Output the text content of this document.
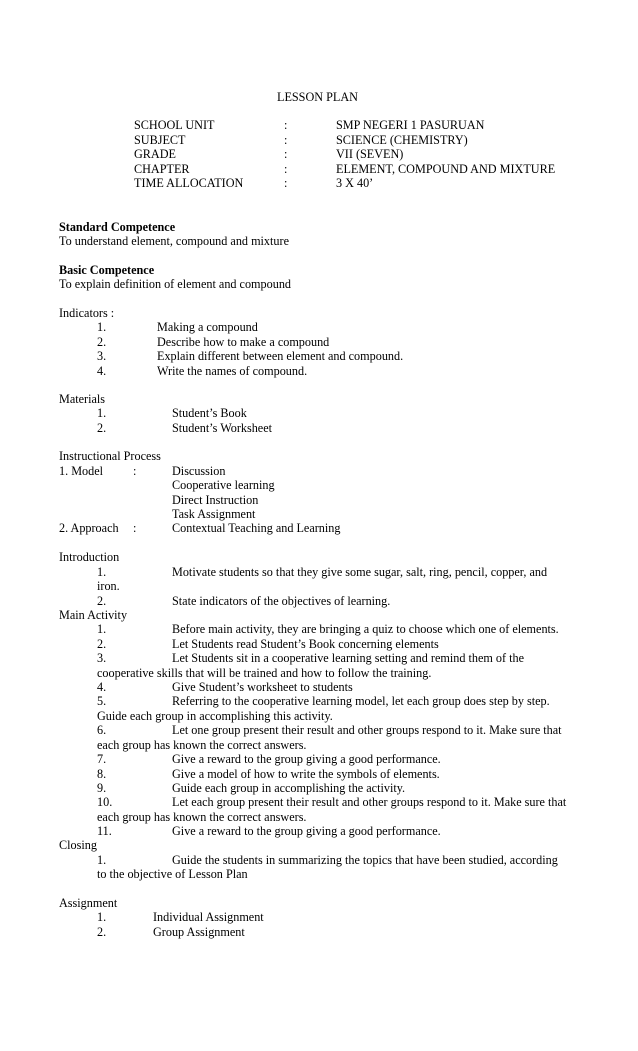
LESSON PLAN
SCHOOL UNIT	:	SMP NEGERI 1 PASURUAN
SUBJECT	:	SCIENCE (CHEMISTRY)
GRADE	:	VII (SEVEN)
CHAPTER	:	ELEMENT, COMPOUND AND MIXTURE
TIME ALLOCATION	:	3 X 40’
Standard Competence
To understand element, compound and mixture
Basic Competence
To explain definition of element and compound
Indicators :
1.	Making a compound
2.	Describe how to make a compound
3.	Explain different between element and compound.
4.	Write the names of compound.
Materials
1.	Student’s Book
2.	Student’s Worksheet
Instructional Process
1. Model :	Discussion
Cooperative learning
Direct Instruction
Task Assignment
2. Approach :	Contextual Teaching and Learning
Introduction
1.	Motivate students so that they give some sugar, salt, ring, pencil, copper, and
iron.
2.	State indicators of the objectives of learning.
Main Activity
1.	Before main activity, they are bringing a quiz to choose which one of elements.
2.	Let Students read Student’s Book concerning elements
3.	Let Students sit in a cooperative learning setting and remind them of the
cooperative skills that will be trained and how to follow the training.
4.	Give Student’s worksheet to students
5.	Referring to the cooperative learning model, let each group does step by step.
Guide each group in accomplishing this activity.
6.	Let one group present their result and other groups respond to it. Make sure that
each group has known the correct answers.
7.	Give a reward to the group giving a good performance.
8.	Give a model of how to write the symbols of elements.
9.	Guide each group in accomplishing the activity.
10.	Let each group present their result and other groups respond to it. Make sure that
each group has known the correct answers.
11.	Give a reward to the group giving a good performance.
Closing
1.	Guide the students in summarizing the topics that have been studied, according
to the objective of Lesson Plan
Assignment
1.	Individual Assignment
2.	Group Assignment
